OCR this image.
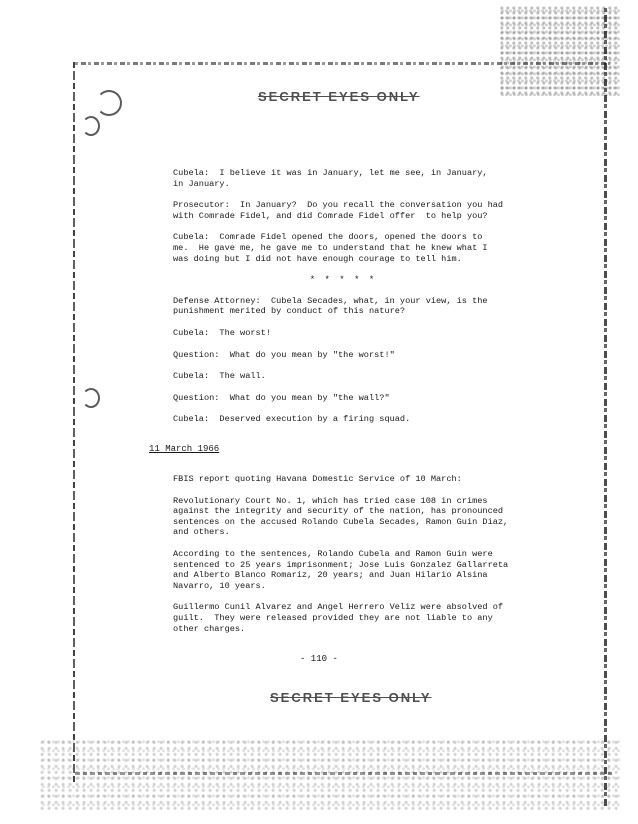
SECRET EYES ONLY

Cubela:  I believe it was in January, let me see, in January,
in January.

Prosecutor:  In January?  Do you recall the conversation you had
with Comrade Fidel, and did Comrade Fidel offer  to help you?

Cubela:  Comrade Fidel opened the doors, opened the doors to
me.  He gave me, he gave me to understand that he knew what I
was doing but I did not have enough courage to tell him.

* * * * *

Defense Attorney:  Cubela Secades, what, in your view, is the
punishment merited by conduct of this nature?

Cubela:  The worst!

Question:  What do you mean by "the worst!"

Cubela:  The wall.

Question:  What do you mean by "the wall?"

Cubela:  Deserved execution by a firing squad.

11 March 1966

FBIS report quoting Havana Domestic Service of 10 March:

Revolutionary Court No. 1, which has tried case 108 in crimes
against the integrity and security of the nation, has pronounced
sentences on the accused Rolando Cubela Secades, Ramon Guin Diaz,
and others.

According to the sentences, Rolando Cubela and Ramon Guin were
sentenced to 25 years imprisonment; Jose Luis Gonzalez Gallarreta
and Alberto Blanco Romariz, 20 years; and Juan Hilario Alsina
Navarro, 10 years.

Guillermo Cunil Alvarez and Angel Herrero Veliz were absolved of
guilt.  They were released provided they are not liable to any
other charges.

- 110 -
SECRET EYES ONLY
